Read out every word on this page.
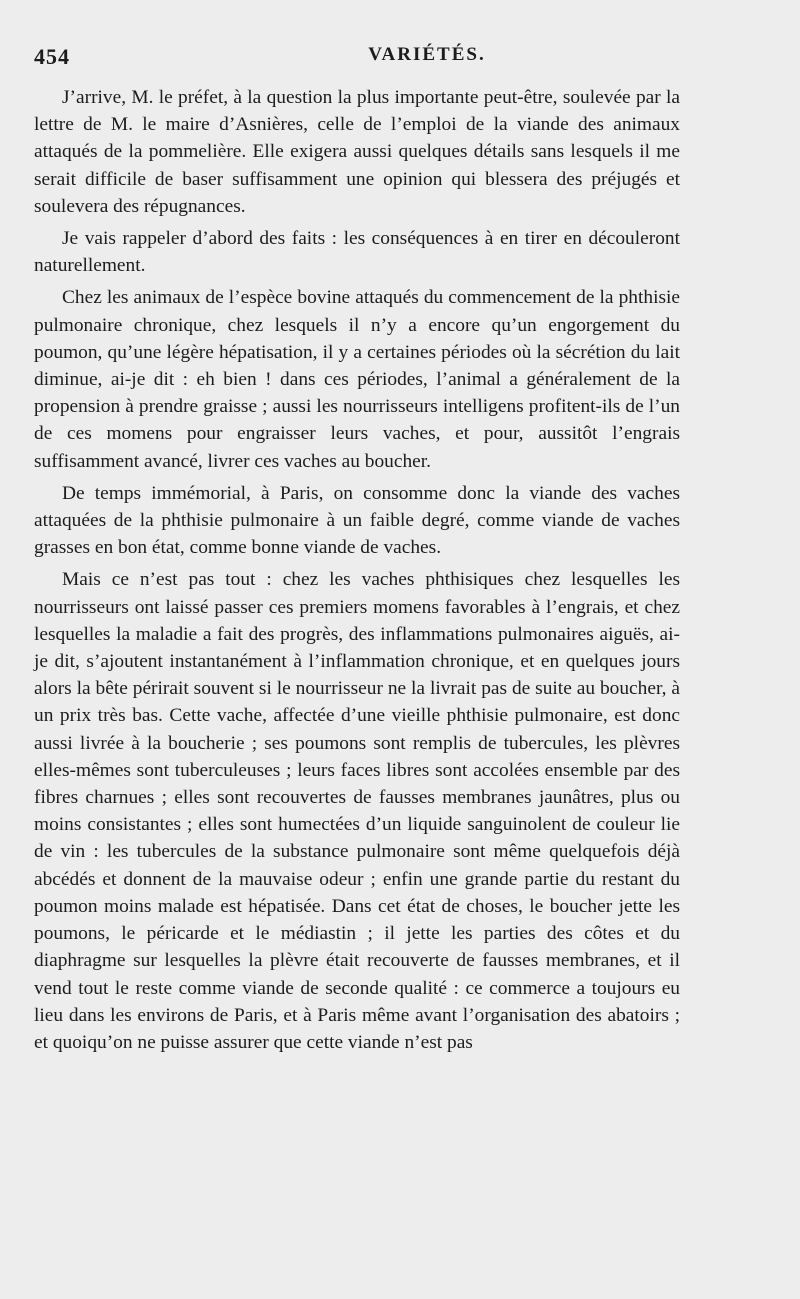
454	VARIÉTÉS.

J’arrive, M. le préfet, à la question la plus importante peut-être, soulevée par la lettre de M. le maire d’Asnières, celle de l’emploi de la viande des animaux attaqués de la pommelière. Elle exigera aussi quelques détails sans lesquels il me serait difficile de baser suffisamment une opinion qui blessera des préjugés et soulevera des répugnances.

Je vais rappeler d’abord des faits : les conséquences à en tirer en découleront naturellement.

Chez les animaux de l’espèce bovine attaqués du commencement de la phthisie pulmonaire chronique, chez lesquels il n’y a encore qu’un engorgement du poumon, qu’une légère hépatisation, il y a certaines périodes où la sécrétion du lait diminue, ai-je dit : eh bien ! dans ces périodes, l’animal a généralement de la propension à prendre graisse ; aussi les nourrisseurs intelligens profitent-ils de l’un de ces momens pour engraisser leurs vaches, et pour, aussitôt l’engrais suffisamment avancé, livrer ces vaches au boucher.

De temps immémorial, à Paris, on consomme donc la viande des vaches attaquées de la phthisie pulmonaire à un faible degré, comme viande de vaches grasses en bon état, comme bonne viande de vaches.

Mais ce n’est pas tout : chez les vaches phthisiques chez lesquelles les nourrisseurs ont laissé passer ces premiers momens favorables à l’engrais, et chez lesquelles la maladie a fait des progrès, des inflammations pulmonaires aiguës, ai-je dit, s’ajoutent instantanément à l’inflammation chronique, et en quelques jours alors la bête périrait souvent si le nourrisseur ne la livrait pas de suite au boucher, à un prix très bas. Cette vache, affectée d’une vieille phthisie pulmonaire, est donc aussi livrée à la boucherie ; ses poumons sont remplis de tubercules, les plèvres elles-mêmes sont tuberculeuses ; leurs faces libres sont accolées ensemble par des fibres charnues ; elles sont recouvertes de fausses membranes jaunâtres, plus ou moins consistantes ; elles sont humectées d’un liquide sanguinolent de couleur lie de vin : les tubercules de la substance pulmonaire sont même quelquefois déjà abcédés et donnent de la mauvaise odeur ; enfin une grande partie du restant du poumon moins malade est hépatisée. Dans cet état de choses, le boucher jette les poumons, le péricarde et le médiastin ; il jette les parties des côtes et du diaphragme sur lesquelles la plèvre était recouverte de fausses membranes, et il vend tout le reste comme viande de seconde qualité : ce commerce a toujours eu lieu dans les environs de Paris, et à Paris même avant l’organisation des abatoirs ; et quoiqu’on ne puisse assurer que cette viande n’est pas
